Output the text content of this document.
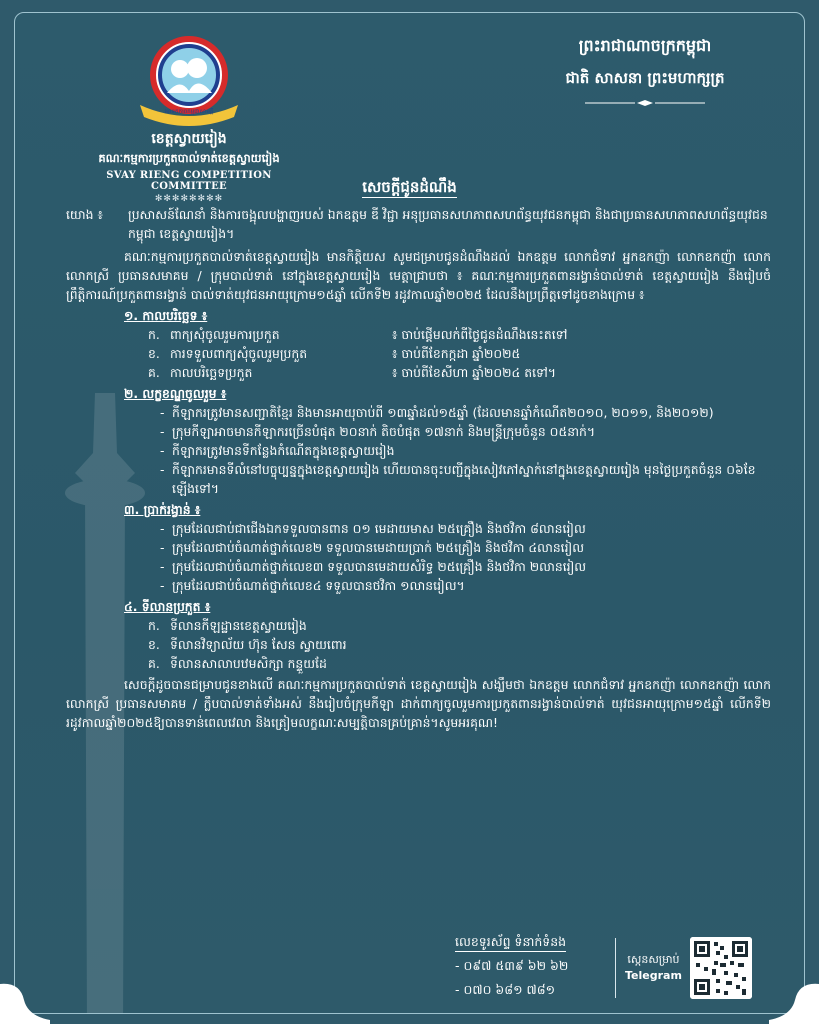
មោទកភាពកម្ពុជាសាមគ្គី
ខេត្តស្វាយរៀង
គណៈកម្មការប្រកួតបាល់ទាត់ខេត្តស្វាយរៀង
SVAY RIENG COMPETITION COMMITTEE
✻✻✻✻✻✻✻✻
ព្រះរាជាណាចក្រកម្ពុជា
ជាតិ សាសនា ព្រះមហាក្សត្រ
សេចក្ដីជូនដំណឹង
យោង ៖	ប្រសាសន៍ណែនាំ និងការចង្អុលបង្ហាញរបស់ ឯកឧត្តម ឌី វិជ្ជា អនុប្រធានសហភាពសហព័ន្ធយុវជនកម្ពុជា និងជាប្រធានសហភាពសហព័ន្ធយុវជនកម្ពុជា ខេត្តស្វាយរៀង។
គណៈកម្មការប្រកួតបាល់ទាត់ខេត្តស្វាយរៀង មានកិត្តិយស សូមជម្រាបជូនដំណឹងដល់ ឯកឧត្តម លោកជំទាវ អ្នកឧកញ៉ា លោកឧកញ៉ា លោក លោកស្រី ប្រធានសមាគម / ក្រុមបាល់ទាត់ នៅក្នុងខេត្តស្វាយរៀង មេត្តាជ្រាបថា ៖ គណៈកម្មការប្រកួតពានរង្វាន់បាល់ទាត់ ខេត្តស្វាយរៀង នឹងរៀបចំព្រឹត្តិការណ៍ប្រកួតពានរង្វាន់ បាល់ទាត់យុវជនអាយុក្រោម១៥ឆ្នាំ លើកទី២ រដូវកាលឆ្នាំ២០២៥ ដែលនឹងប្រព្រឹត្តទៅដូចខាងក្រោម ៖
១. កាលបរិច្ឆេទ ៖
ក. ពាក្យសុំចូលរួមការប្រកួត	៖ ចាប់ផ្ដើមលក់ពីថ្ងៃជូនដំណឹងនេះតទៅ
ខ. ការទទួលពាក្យសុំចូលរួមប្រកួត	៖ ចាប់ពីខែកក្កដា ឆ្នាំ២០២៥
គ. កាលបរិច្ឆេទប្រកួត	៖ ចាប់ពីខែសីហា ឆ្នាំ២០២៤ តទៅ។
២. លក្ខខណ្ឌចូលរួម ៖
- កីឡាករត្រូវមានសញ្ជាតិខ្មែរ និងមានអាយុចាប់ពី ១៣ឆ្នាំដល់១៥ឆ្នាំ (ដែលមានឆ្នាំកំណើត២០១០, ២០១១, និង២០១២)
- ក្រុមកីឡាអាចមានកីឡាករច្រើនបំផុត ២០នាក់ តិចបំផុត ១៧នាក់ និងមន្ត្រីក្រុមចំនួន ០៥នាក់។
- កីឡាករត្រូវមានទីកន្លែងកំណើតក្នុងខេត្តស្វាយរៀង
- កីឡាករមានទីលំនៅបច្ចុប្បន្នក្នុងខេត្តស្វាយរៀង ហើយបានចុះបញ្ជីក្នុងសៀវភៅស្នាក់នៅក្នុងខេត្តស្វាយរៀង មុនថ្ងៃប្រកួតចំនួន ០៦ខែឡើងទៅ។
៣. ប្រាក់រង្វាន់ ៖
- ក្រុមដែលជាប់ជាជើងឯកទទួលបានពាន ០១ មេដាយមាស ២៥គ្រឿង និងថវិកា ៨លានរៀល
- ក្រុមដែលជាប់ចំណាត់ថ្នាក់លេខ២ ទទួលបានមេដាយប្រាក់ ២៥គ្រឿង និងថវិកា ៤លានរៀល
- ក្រុមដែលជាប់ចំណាត់ថ្នាក់លេខ៣ ទទួលបានមេដាយសំរិទ្ធ ២៥គ្រឿង និងថវិកា ២លានរៀល
- ក្រុមដែលជាប់ចំណាត់ថ្នាក់លេខ៤ ទទួលបានថវិកា ១លានរៀល។
៤. ទីលានប្រកួត ៖
ក. ទីលានកីឡដ្ឋានខេត្តស្វាយរៀង
ខ. ទីលានវិទ្យាល័យ ហ៊ុន សែន ស្វាយពោរ
គ. ទីលានសាលាបឋមសិក្សា កន្ទួយដែ
សេចក្ដីដូចបានជម្រាបជូនខាងលើ គណៈកម្មការប្រកួតបាល់ទាត់ ខេត្តស្វាយរៀង សង្ឃឹមថា ឯកឧត្តម លោកជំទាវ អ្នកឧកញ៉ា លោកឧកញ៉ា លោក លោកស្រី ប្រធានសមាគម / ក្លឹបបាល់ទាត់ទាំងអស់ នឹងរៀបចំក្រុមកីឡា ដាក់ពាក្យចូលរួមការប្រកួតពានរង្វាន់បាល់ទាត់ យុវជនអាយុក្រោម១៥ឆ្នាំ លើកទី២ រដូវកាលឆ្នាំ២០២៥ឱ្យបានទាន់ពេលវេលា និងត្រៀមលក្ខណៈសម្បត្តិបានគ្រប់គ្រាន់។សូមអរគុណ!
លេខទូរស័ព្ទ ទំនាក់ទំនង
- ០៩៧ ៥៣៩ ៦២ ៦២
- ០៧០ ៦៨១ ៧៨១
ស្កេនសម្រាប់
Telegram
